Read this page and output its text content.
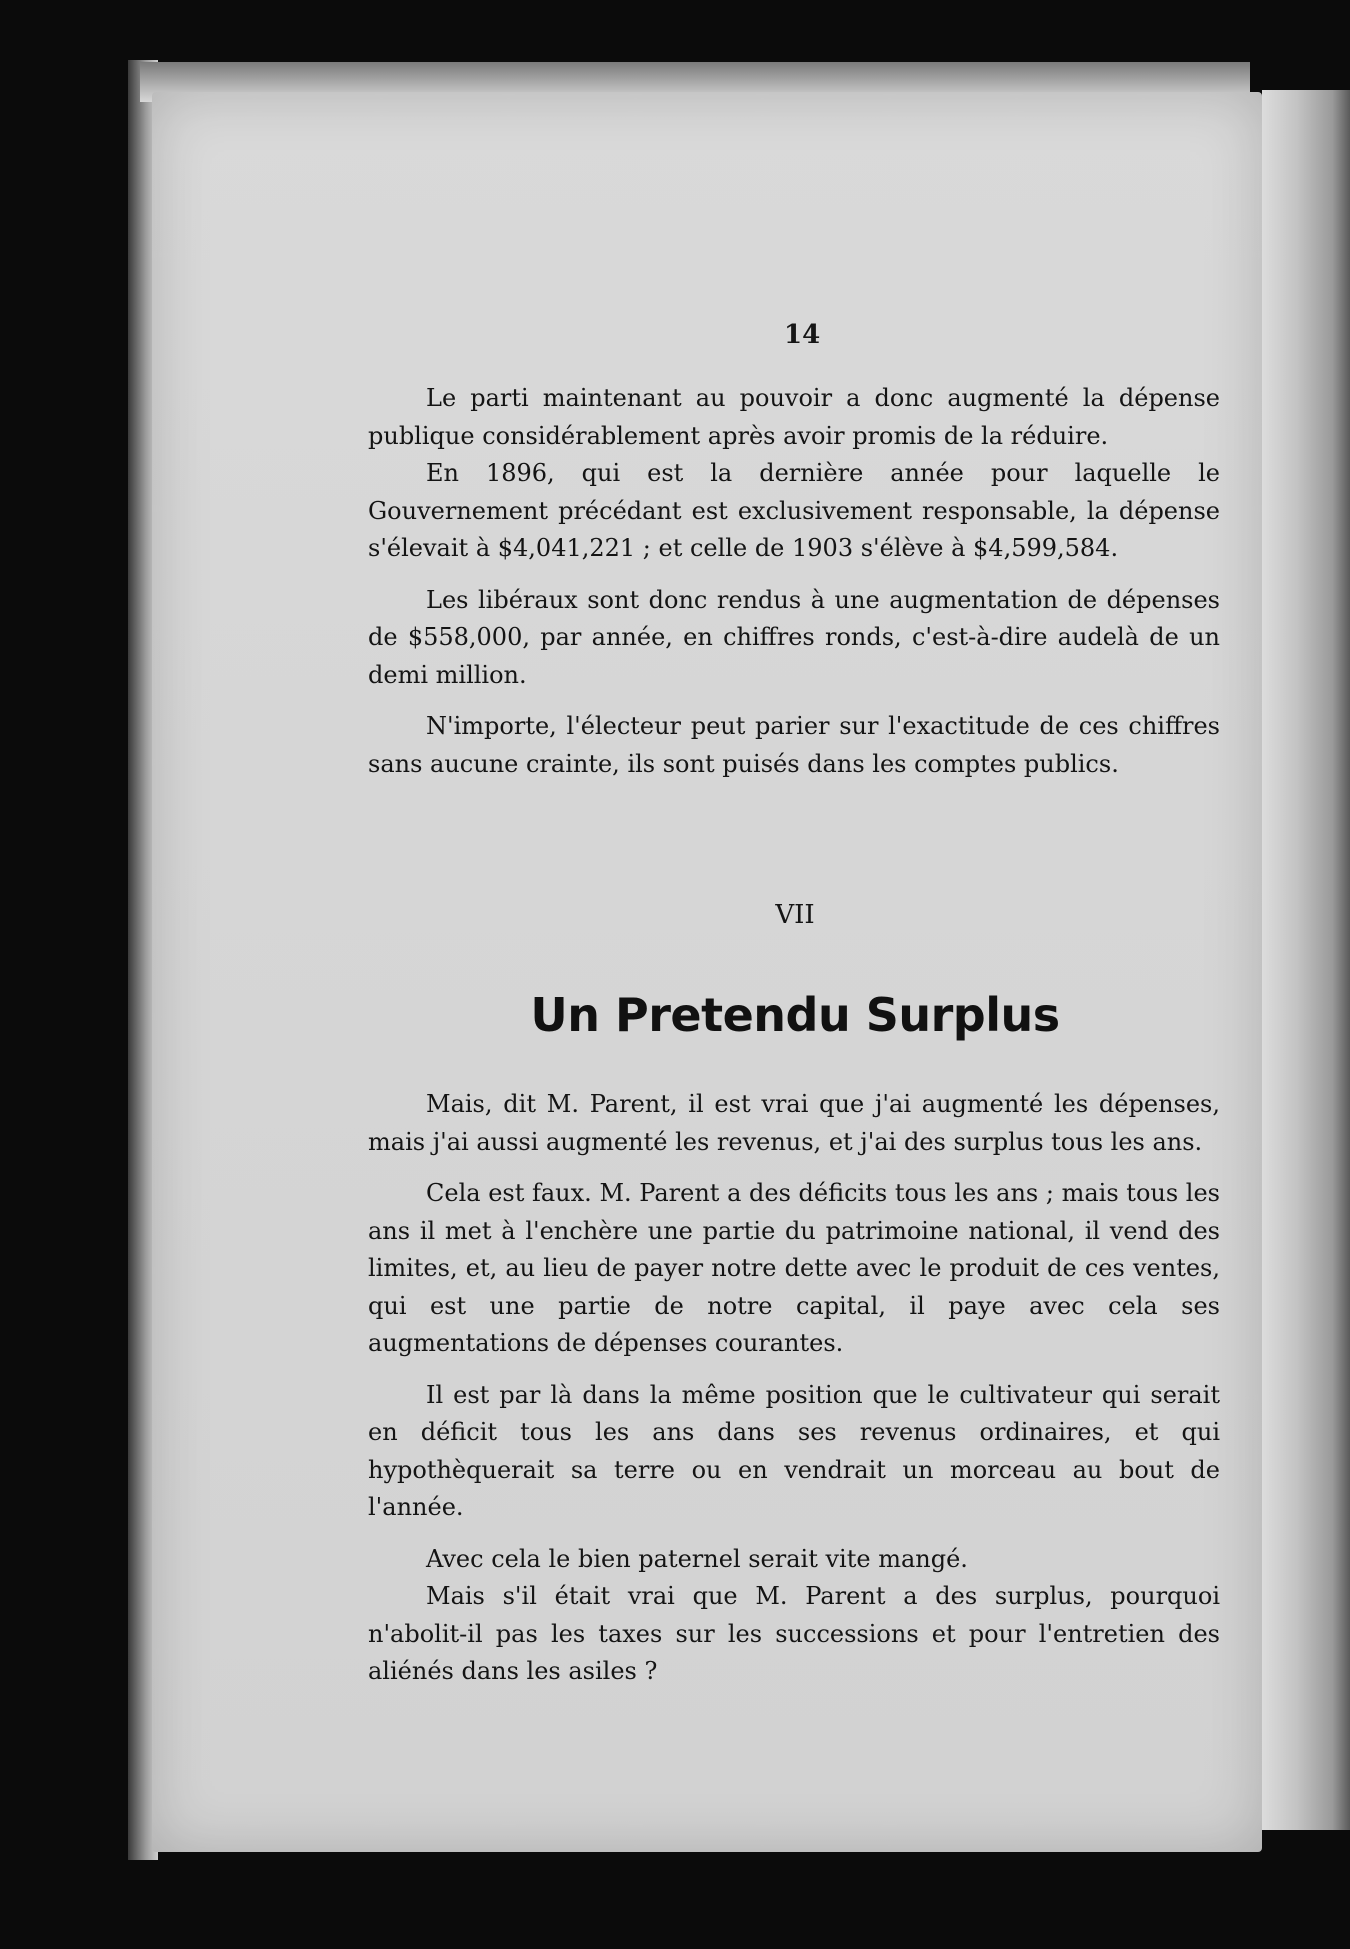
14

Le parti maintenant au pouvoir a donc augmenté la dépense publique considérablement après avoir promis de la réduire.

En 1896, qui est la dernière année pour laquelle le Gouvernement précédant est exclusivement responsable, la dépense s'élevait à $4,041,221 ; et celle de 1903 s'élève à $4,599,584.

Les libéraux sont donc rendus à une augmentation de dépenses de $558,000, par année, en chiffres ronds, c'est-à-dire audelà de un demi million.

N'importe, l'électeur peut parier sur l'exactitude de ces chiffres sans aucune crainte, ils sont puisés dans les comptes publics.

VII
Un Pretendu Surplus

Mais, dit M. Parent, il est vrai que j'ai augmenté les dépenses, mais j'ai aussi augmenté les revenus, et j'ai des surplus tous les ans.

Cela est faux. M. Parent a des déficits tous les ans ; mais tous les ans il met à l'enchère une partie du patrimoine national, il vend des limites, et, au lieu de payer notre dette avec le produit de ces ventes, qui est une partie de notre capital, il paye avec cela ses augmentations de dépenses courantes.

Il est par là dans la même position que le cultivateur qui serait en déficit tous les ans dans ses revenus ordinaires, et qui hypothèquerait sa terre ou en vendrait un morceau au bout de l'année.

Avec cela le bien paternel serait vite mangé.

Mais s'il était vrai que M. Parent a des surplus, pourquoi n'abolit-il pas les taxes sur les successions et pour l'entretien des aliénés dans les asiles ?
